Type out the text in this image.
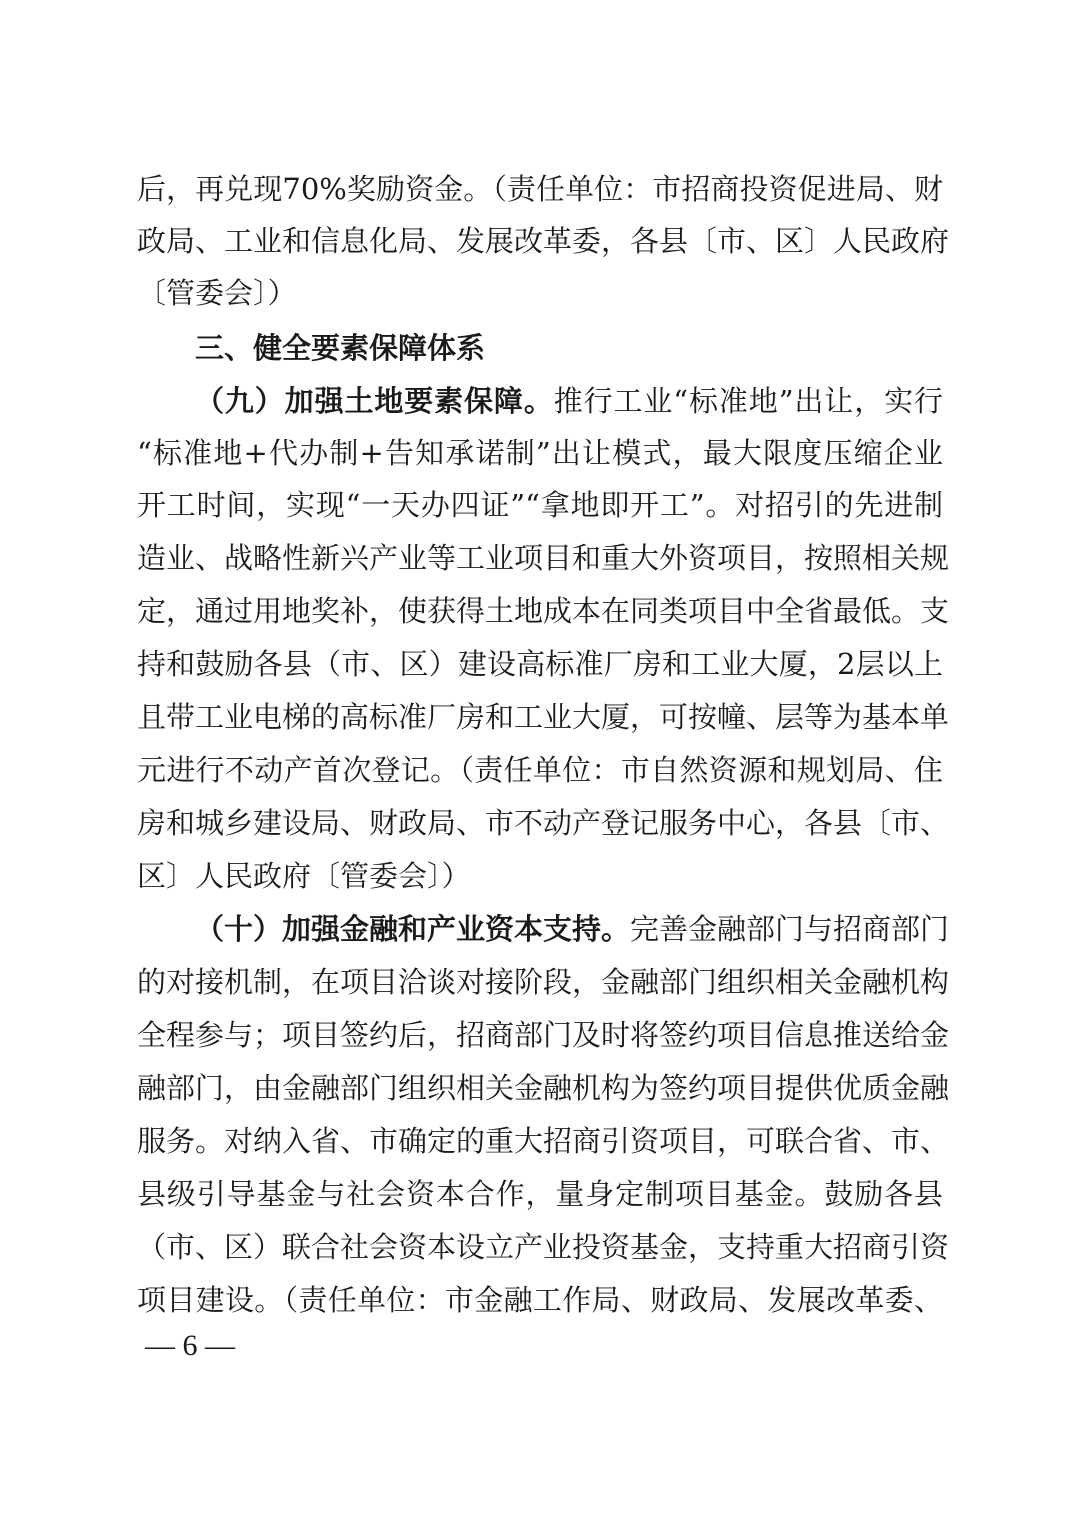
后，再兑现70%奖励资金。（责任单位：市招商投资促进局、财
政局、工业和信息化局、发展改革委，各县〔市、区〕人民政府
〔管委会〕）
三、健全要素保障体系
（九）加强土地要素保障。推行工业“标准地”出让，实行
“标准地+代办制+告知承诺制”出让模式，最大限度压缩企业
开工时间，实现“一天办四证”“拿地即开工”。对招引的先进制
造业、战略性新兴产业等工业项目和重大外资项目，按照相关规
定，通过用地奖补，使获得土地成本在同类项目中全省最低。支
持和鼓励各县（市、区）建设高标准厂房和工业大厦，2层以上
且带工业电梯的高标准厂房和工业大厦，可按幢、层等为基本单
元进行不动产首次登记。（责任单位：市自然资源和规划局、住
房和城乡建设局、财政局、市不动产登记服务中心，各县〔市、
区〕人民政府〔管委会〕）
（十）加强金融和产业资本支持。完善金融部门与招商部门
的对接机制，在项目洽谈对接阶段，金融部门组织相关金融机构
全程参与；项目签约后，招商部门及时将签约项目信息推送给金
融部门，由金融部门组织相关金融机构为签约项目提供优质金融
服务。对纳入省、市确定的重大招商引资项目，可联合省、市、
县级引导基金与社会资本合作，量身定制项目基金。鼓励各县
（市、区）联合社会资本设立产业投资基金，支持重大招商引资
项目建设。（责任单位：市金融工作局、财政局、发展改革委、
— 6 —
